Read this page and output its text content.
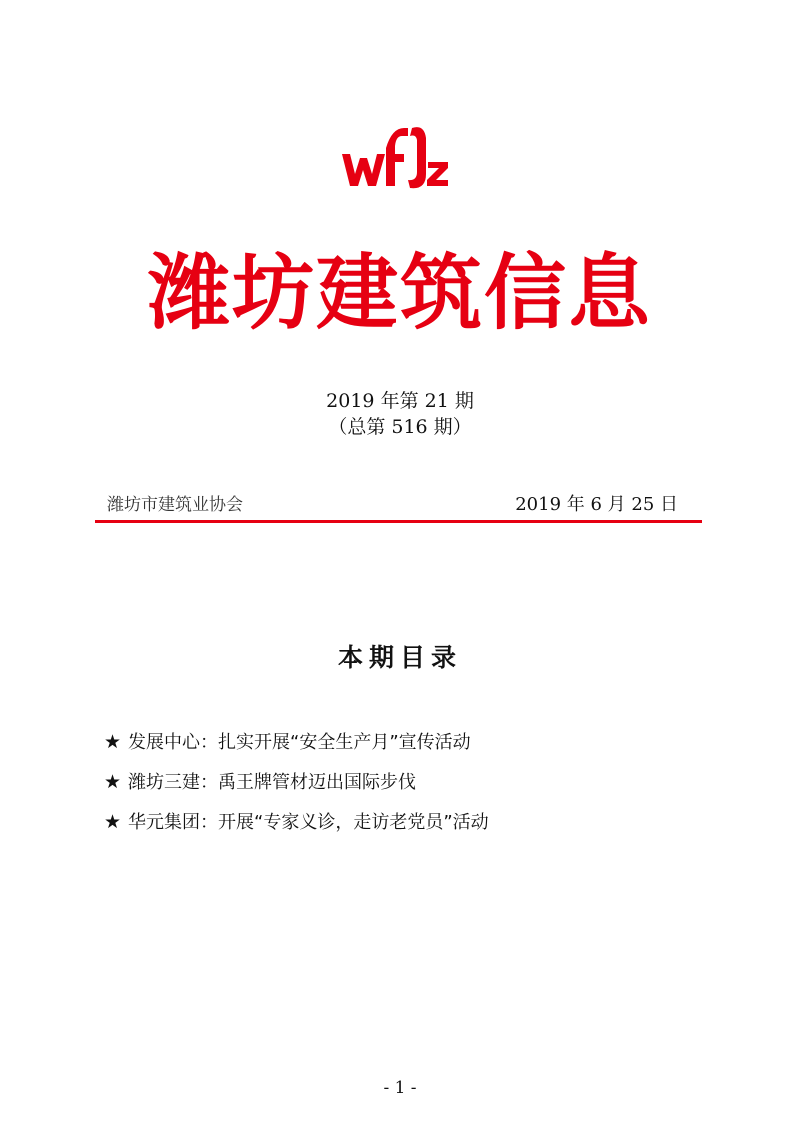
潍坊建筑信息
2019 年第 21 期
（总第 516 期）
潍坊市建筑业协会	2019 年 6 月 25 日
本期目录
★ 发展中心：扎实开展“安全生产月”宣传活动
★ 潍坊三建：禹王牌管材迈出国际步伐
★ 华元集团：开展“专家义诊，走访老党员”活动
- 1 -
